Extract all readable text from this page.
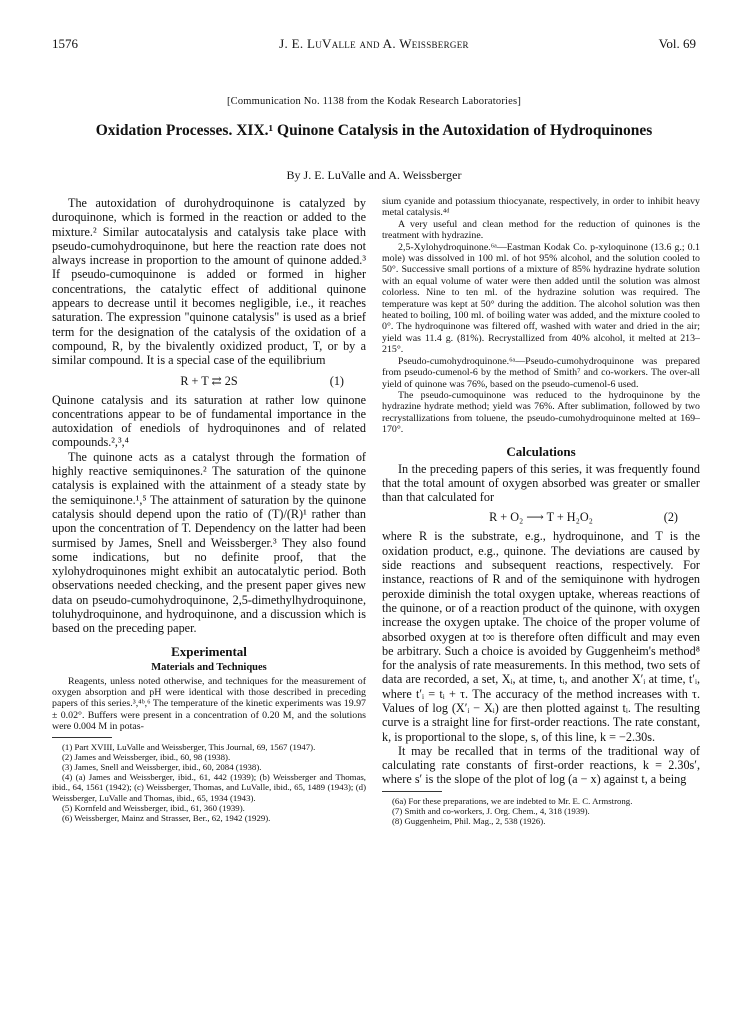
1576	J. E. LuValle and A. Weissberger	Vol. 69
[Communication No. 1138 from the Kodak Research Laboratories]
Oxidation Processes. XIX.¹ Quinone Catalysis in the Autoxidation of Hydroquinones
By J. E. LuValle and A. Weissberger

The autoxidation of durohydroquinone is catalyzed by duroquinone, which is formed in the reaction or added to the mixture.² Similar autocatalysis and catalysis take place with pseudo-cumohydroquinone, but here the reaction rate does not always increase in proportion to the amount of quinone added.³ If pseudo-cumoquinone is added or formed in higher concentrations, the catalytic effect of additional quinone appears to decrease until it becomes negligible, i.e., it reaches saturation. The expression "quinone catalysis" is used as a brief term for the designation of the catalysis of the oxidation of a compound, R, by the bivalently oxidized product, T, or by a similar compound. It is a special case of the equilibrium

R + T ⇄ 2S	(1)

Quinone catalysis and its saturation at rather low quinone concentrations appear to be of fundamental importance in the autoxidation of enediols of hydroquinones and of related compounds.²,³,⁴

The quinone acts as a catalyst through the formation of highly reactive semiquinones.² The saturation of the quinone catalysis is explained with the attainment of a steady state by the semiquinone.¹,⁵ The attainment of saturation by the quinone catalysis should depend upon the ratio of (T)/(R)¹ rather than upon the concentration of T. Dependency on the latter had been surmised by James, Snell and Weissberger.³ They also found some indications, but no definite proof, that the xylohydroquinones might exhibit an autocatalytic period. Both observations needed checking, and the present paper gives new data on pseudo-cumohydroquinone, 2,5-dimethylhydroquinone, toluhydroquinone, and hydroquinone, and a discussion which is based on the preceding paper.

Experimental
Materials and Techniques

Reagents, unless noted otherwise, and techniques for the measurement of oxygen absorption and pH were identical with those described in preceding papers of this series.³,⁴ᵇ,⁶ The temperature of the kinetic experiments was 19.97 ± 0.02°. Buffers were present in a concentration of 0.20 M, and the solutions were 0.004 M in potas-

(1) Part XVIII, LuValle and Weissberger, This Journal, 69, 1567 (1947).

(2) James and Weissberger, ibid., 60, 98 (1938).

(3) James, Snell and Weissberger, ibid., 60, 2084 (1938).

(4) (a) James and Weissberger, ibid., 61, 442 (1939); (b) Weissberger and Thomas, ibid., 64, 1561 (1942); (c) Weissberger, Thomas, and LuValle, ibid., 65, 1489 (1943); (d) Weissberger, LuValle and Thomas, ibid., 65, 1934 (1943).

(5) Kornfeld and Weissberger, ibid., 61, 360 (1939).

(6) Weissberger, Mainz and Strasser, Ber., 62, 1942 (1929).

sium cyanide and potassium thiocyanate, respectively, in order to inhibit heavy metal catalysis.⁴ᵈ

A very useful and clean method for the reduction of quinones is the treatment with hydrazine.

2,5-Xylohydroquinone.⁶ᵃ—Eastman Kodak Co. p-xyloquinone (13.6 g.; 0.1 mole) was dissolved in 100 ml. of hot 95% alcohol, and the solution cooled to 50°. Successive small portions of a mixture of 85% hydrazine hydrate solution with an equal volume of water were then added until the solution was almost colorless. Nine to ten ml. of the hydrazine solution was required. The temperature was kept at 50° during the addition. The alcohol solution was then heated to boiling, 100 ml. of boiling water was added, and the mixture cooled to 0°. The hydroquinone was filtered off, washed with water and dried in the air; yield was 11.4 g. (81%). Recrystallized from 40% alcohol, it melted at 213–215°.

Pseudo-cumohydroquinone.⁶ᵃ—Pseudo-cumohydroquinone was prepared from pseudo-cumenol-6 by the method of Smith⁷ and co-workers. The over-all yield of quinone was 76%, based on the pseudo-cumenol-6 used.

The pseudo-cumoquinone was reduced to the hydroquinone by the hydrazine hydrate method; yield was 76%. After sublimation, followed by two recrystallizations from toluene, the pseudo-cumohydroquinone melted at 169–170°.

Calculations

In the preceding papers of this series, it was frequently found that the total amount of oxygen absorbed was greater or smaller than that calculated for

R + O₂ ⟶ T + H₂O₂	(2)

where R is the substrate, e.g., hydroquinone, and T is the oxidation product, e.g., quinone. The deviations are caused by side reactions and subsequent reactions, respectively. For instance, reactions of R and of the semiquinone with hydrogen peroxide diminish the total oxygen uptake, whereas reactions of the quinone, or of a reaction product of the quinone, with oxygen increase the oxygen uptake. The choice of the proper volume of absorbed oxygen at t∞ is therefore often difficult and may even be arbitrary. Such a choice is avoided by Guggenheim's method⁸ for the analysis of rate measurements. In this method, two sets of data are recorded, a set, Xᵢ, at time, tᵢ, and another X′ᵢ at time, t′ᵢ, where t′ᵢ = tᵢ + τ. The accuracy of the method increases with τ. Values of log (X′ᵢ − Xᵢ) are then plotted against tᵢ. The resulting curve is a straight line for first-order reactions. The rate constant, k, is proportional to the slope, s, of this line, k = −2.30s.

It may be recalled that in terms of the traditional way of calculating rate constants of first-order reactions, k = 2.30s′, where s′ is the slope of the plot of log (a − x) against t, a being

(6a) For these preparations, we are indebted to Mr. E. C. Armstrong.

(7) Smith and co-workers, J. Org. Chem., 4, 318 (1939).

(8) Guggenheim, Phil. Mag., 2, 538 (1926).
